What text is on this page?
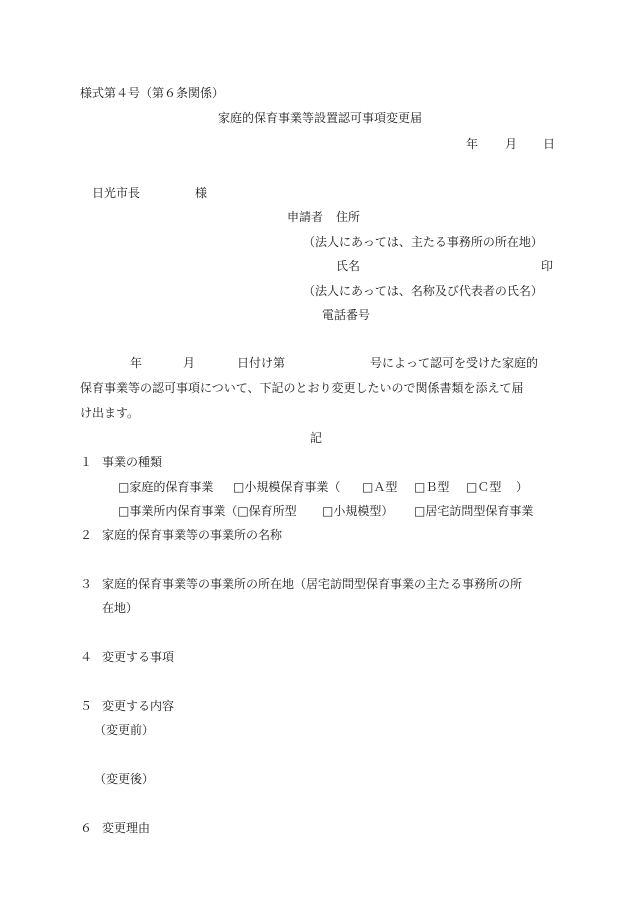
様式第４号（第６条関係）
家庭的保育事業等設置認可事項変更届
年 月 日
日光市長	様
申請者 住所
（法人にあっては、主たる事務所の所在地）
氏名	印
（法人にあっては、名称及び代表者の氏名）
電話番号
年	月	日付け第	号によって認可を受けた家庭的
保育事業等の認可事項について、下記のとおり変更したいので関係書類を添えて届
け出ます。
記
１ 事業の種類
□家庭的保育事業 □小規模保育事業（ □Ａ型 □Ｂ型 □Ｃ型 ）
□事業所内保育事業（□保育所型 □小規模型） □居宅訪問型保育事業
２ 家庭的保育事業等の事業所の名称
３ 家庭的保育事業等の事業所の所在地（居宅訪問型保育事業の主たる事務所の所
在地）
４ 変更する事項
５ 変更する内容
（変更前）
（変更後）
６ 変更理由
